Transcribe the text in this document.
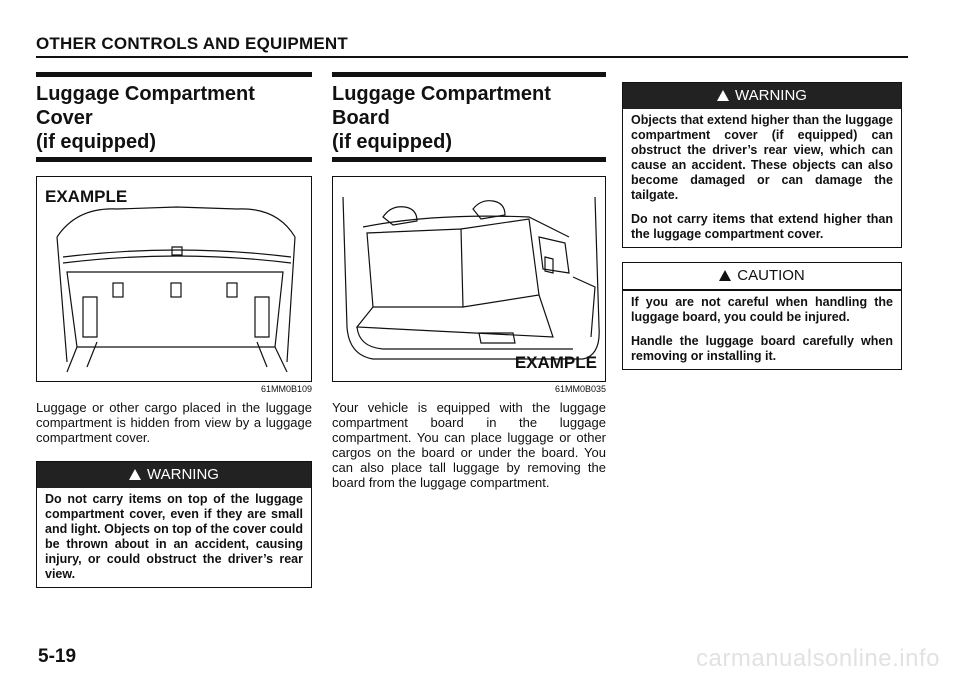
OTHER CONTROLS AND EQUIPMENT
Luggage Compartment Cover
(if equipped)
EXAMPLE
61MM0B109

Luggage or other cargo placed in the luggage compartment is hidden from view by a luggage compartment cover.

WARNING

Do not carry items on top of the luggage compartment cover, even if they are small and light. Objects on top of the cover could be thrown about in an accident, causing injury, or could obstruct the driver’s rear view.

Luggage Compartment Board
(if equipped)
EXAMPLE
61MM0B035

Your vehicle is equipped with the luggage compartment board in the luggage compartment. You can place luggage or other cargos on the board or under the board. You can also place tall luggage by removing the board from the luggage compartment.

WARNING

Objects that extend higher than the luggage compartment cover (if equipped) can obstruct the driver’s rear view, which can cause an accident. These objects can also become damaged or can damage the tailgate.

Do not carry items that extend higher than the luggage compartment cover.

CAUTION

If you are not careful when handling the luggage board, you could be injured.

Handle the luggage board carefully when removing or installing it.

5-19	carmanualsonline.info
